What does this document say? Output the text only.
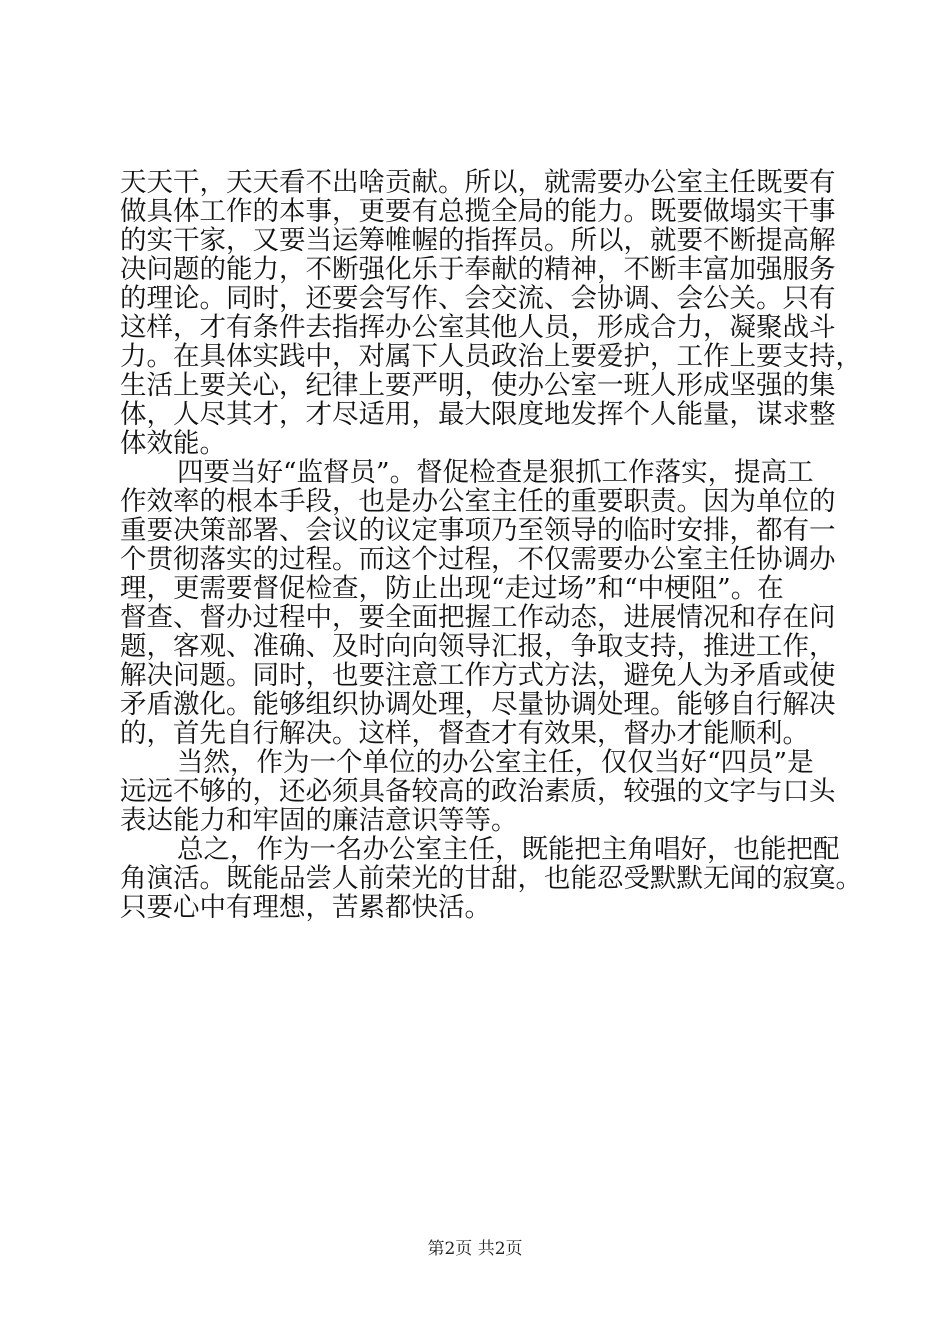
天天干，天天看不出啥贡献。所以，就需要办公室主任既要有
做具体工作的本事，更要有总揽全局的能力。既要做塌实干事
的实干家，又要当运筹帷幄的指挥员。所以，就要不断提高解
决问题的能力，不断强化乐于奉献的精神，不断丰富加强服务
的理论。同时，还要会写作、会交流、会协调、会公关。只有
这样，才有条件去指挥办公室其他人员，形成合力，凝聚战斗
力。在具体实践中，对属下人员政治上要爱护，工作上要支持，
生活上要关心，纪律上要严明，使办公室一班人形成坚强的集
体，人尽其才，才尽适用，最大限度地发挥个人能量，谋求整
体效能。
四要当好“监督员”。督促检查是狠抓工作落实，提高工
作效率的根本手段，也是办公室主任的重要职责。因为单位的
重要决策部署、会议的议定事项乃至领导的临时安排，都有一
个贯彻落实的过程。而这个过程，不仅需要办公室主任协调办
理，更需要督促检查，防止出现“走过场”和“中梗阻”。在
督查、督办过程中，要全面把握工作动态，进展情况和存在问
题，客观、准确、及时向向领导汇报，争取支持，推进工作，
解决问题。同时，也要注意工作方式方法，避免人为矛盾或使
矛盾激化。能够组织协调处理，尽量协调处理。能够自行解决
的，首先自行解决。这样，督查才有效果，督办才能顺利。
当然，作为一个单位的办公室主任，仅仅当好“四员”是
远远不够的，还必须具备较高的政治素质，较强的文字与口头
表达能力和牢固的廉洁意识等等。
总之，作为一名办公室主任，既能把主角唱好，也能把配
角演活。既能品尝人前荣光的甘甜，也能忍受默默无闻的寂寞。
只要心中有理想，苦累都快活。
第2页 共2页
